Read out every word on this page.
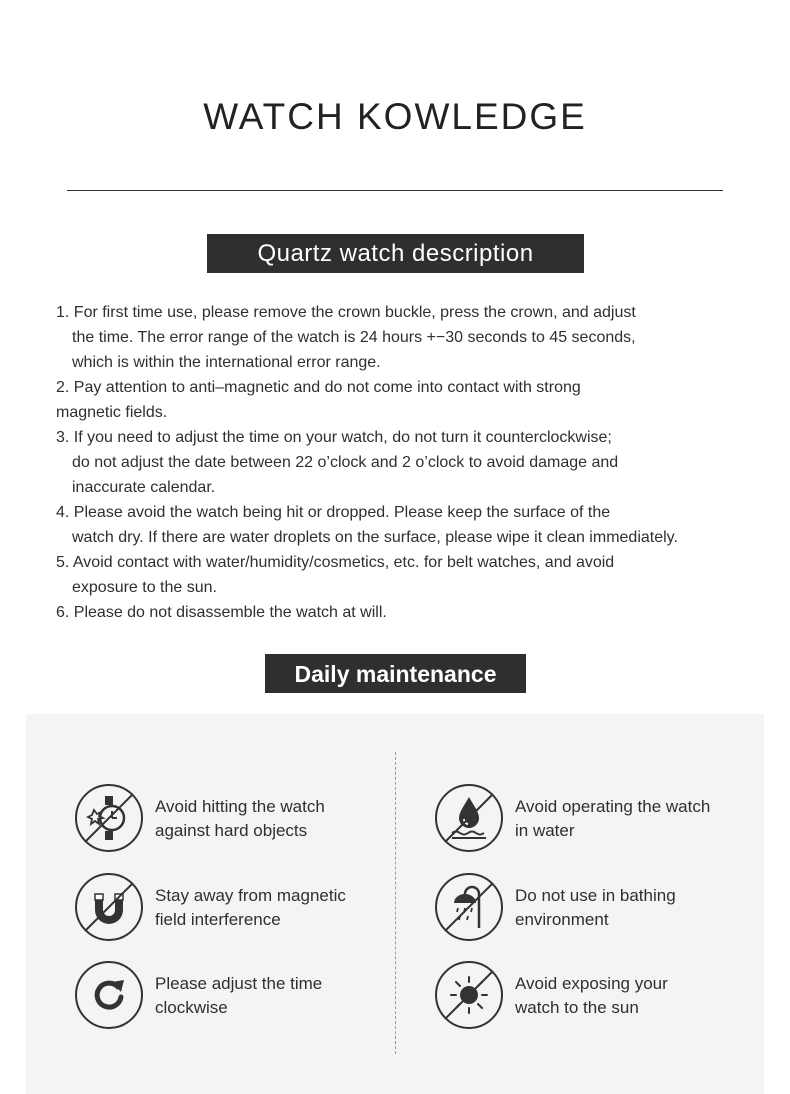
WATCH KOWLEDGE
Quartz watch description
1. For first time use, please remove the crown buckle, press the crown, and adjust
the time. The error range of the watch is 24 hours +−30 seconds to 45 seconds,
which is within the international error range.
2. Pay attention to anti–magnetic and do not come into contact with strong
magnetic fields.
3. If you need to adjust the time on your watch, do not turn it counterclockwise;
do not adjust the date between 22 o’clock and 2 o’clock to avoid damage and
inaccurate calendar.
4. Please avoid the watch being hit or dropped. Please keep the surface of the
watch dry. If there are water droplets on the surface, please wipe it clean immediately.
5. Avoid contact with water/humidity/cosmetics, etc. for belt watches, and avoid
exposure to the sun.
6. Please do not disassemble the watch at will.
Daily maintenance
Avoid hitting the watch
against hard objects
Avoid operating the watch
in water
Stay away from magnetic
field interference
Do not use in bathing
environment
Please adjust the time
clockwise
Avoid exposing your
watch to the sun
